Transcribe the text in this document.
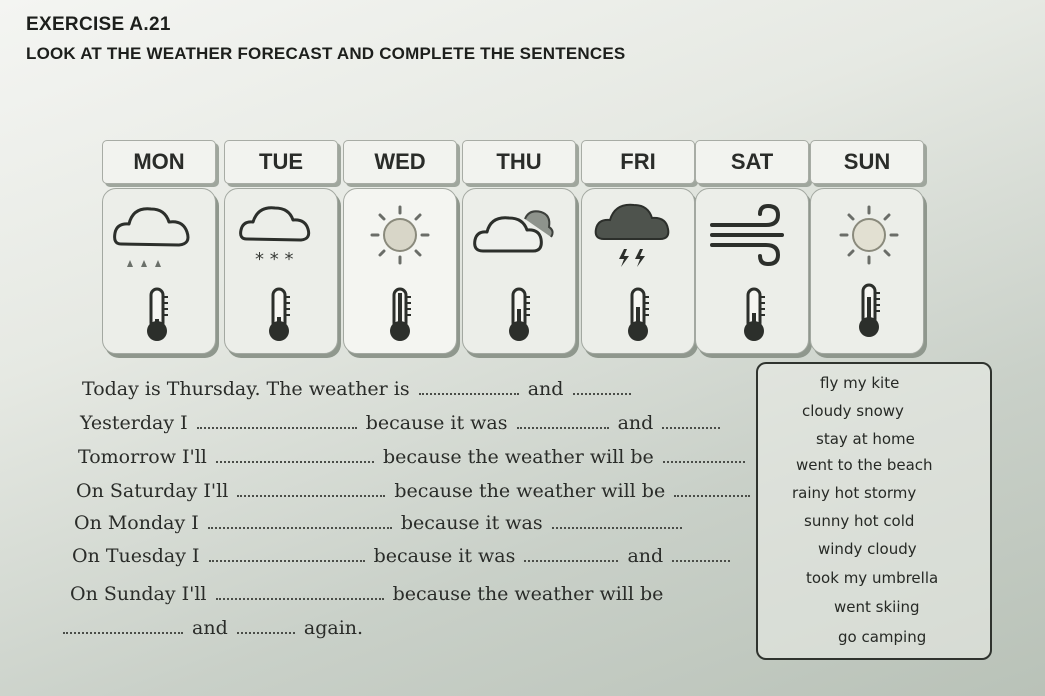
EXERCISE A.21
LOOK AT THE WEATHER FORECAST AND COMPLETE THE SENTENCES
MON	TUE	WED	THU	FRI	SAT	SUN
* * *
Today is Thursday. The weather is	and
Yesterday I	because it was	and
Tomorrow I'll	because the weather will be
On Saturday I'll	because the weather will be
On Monday I	because it was
On Tuesday I	because it was	and
On Sunday I'll	because the weather will be
and	again.
fly my kite
cloudy snowy
stay at home
went to the beach
rainy hot stormy
sunny hot cold
windy cloudy
took my umbrella
went skiing
go camping
